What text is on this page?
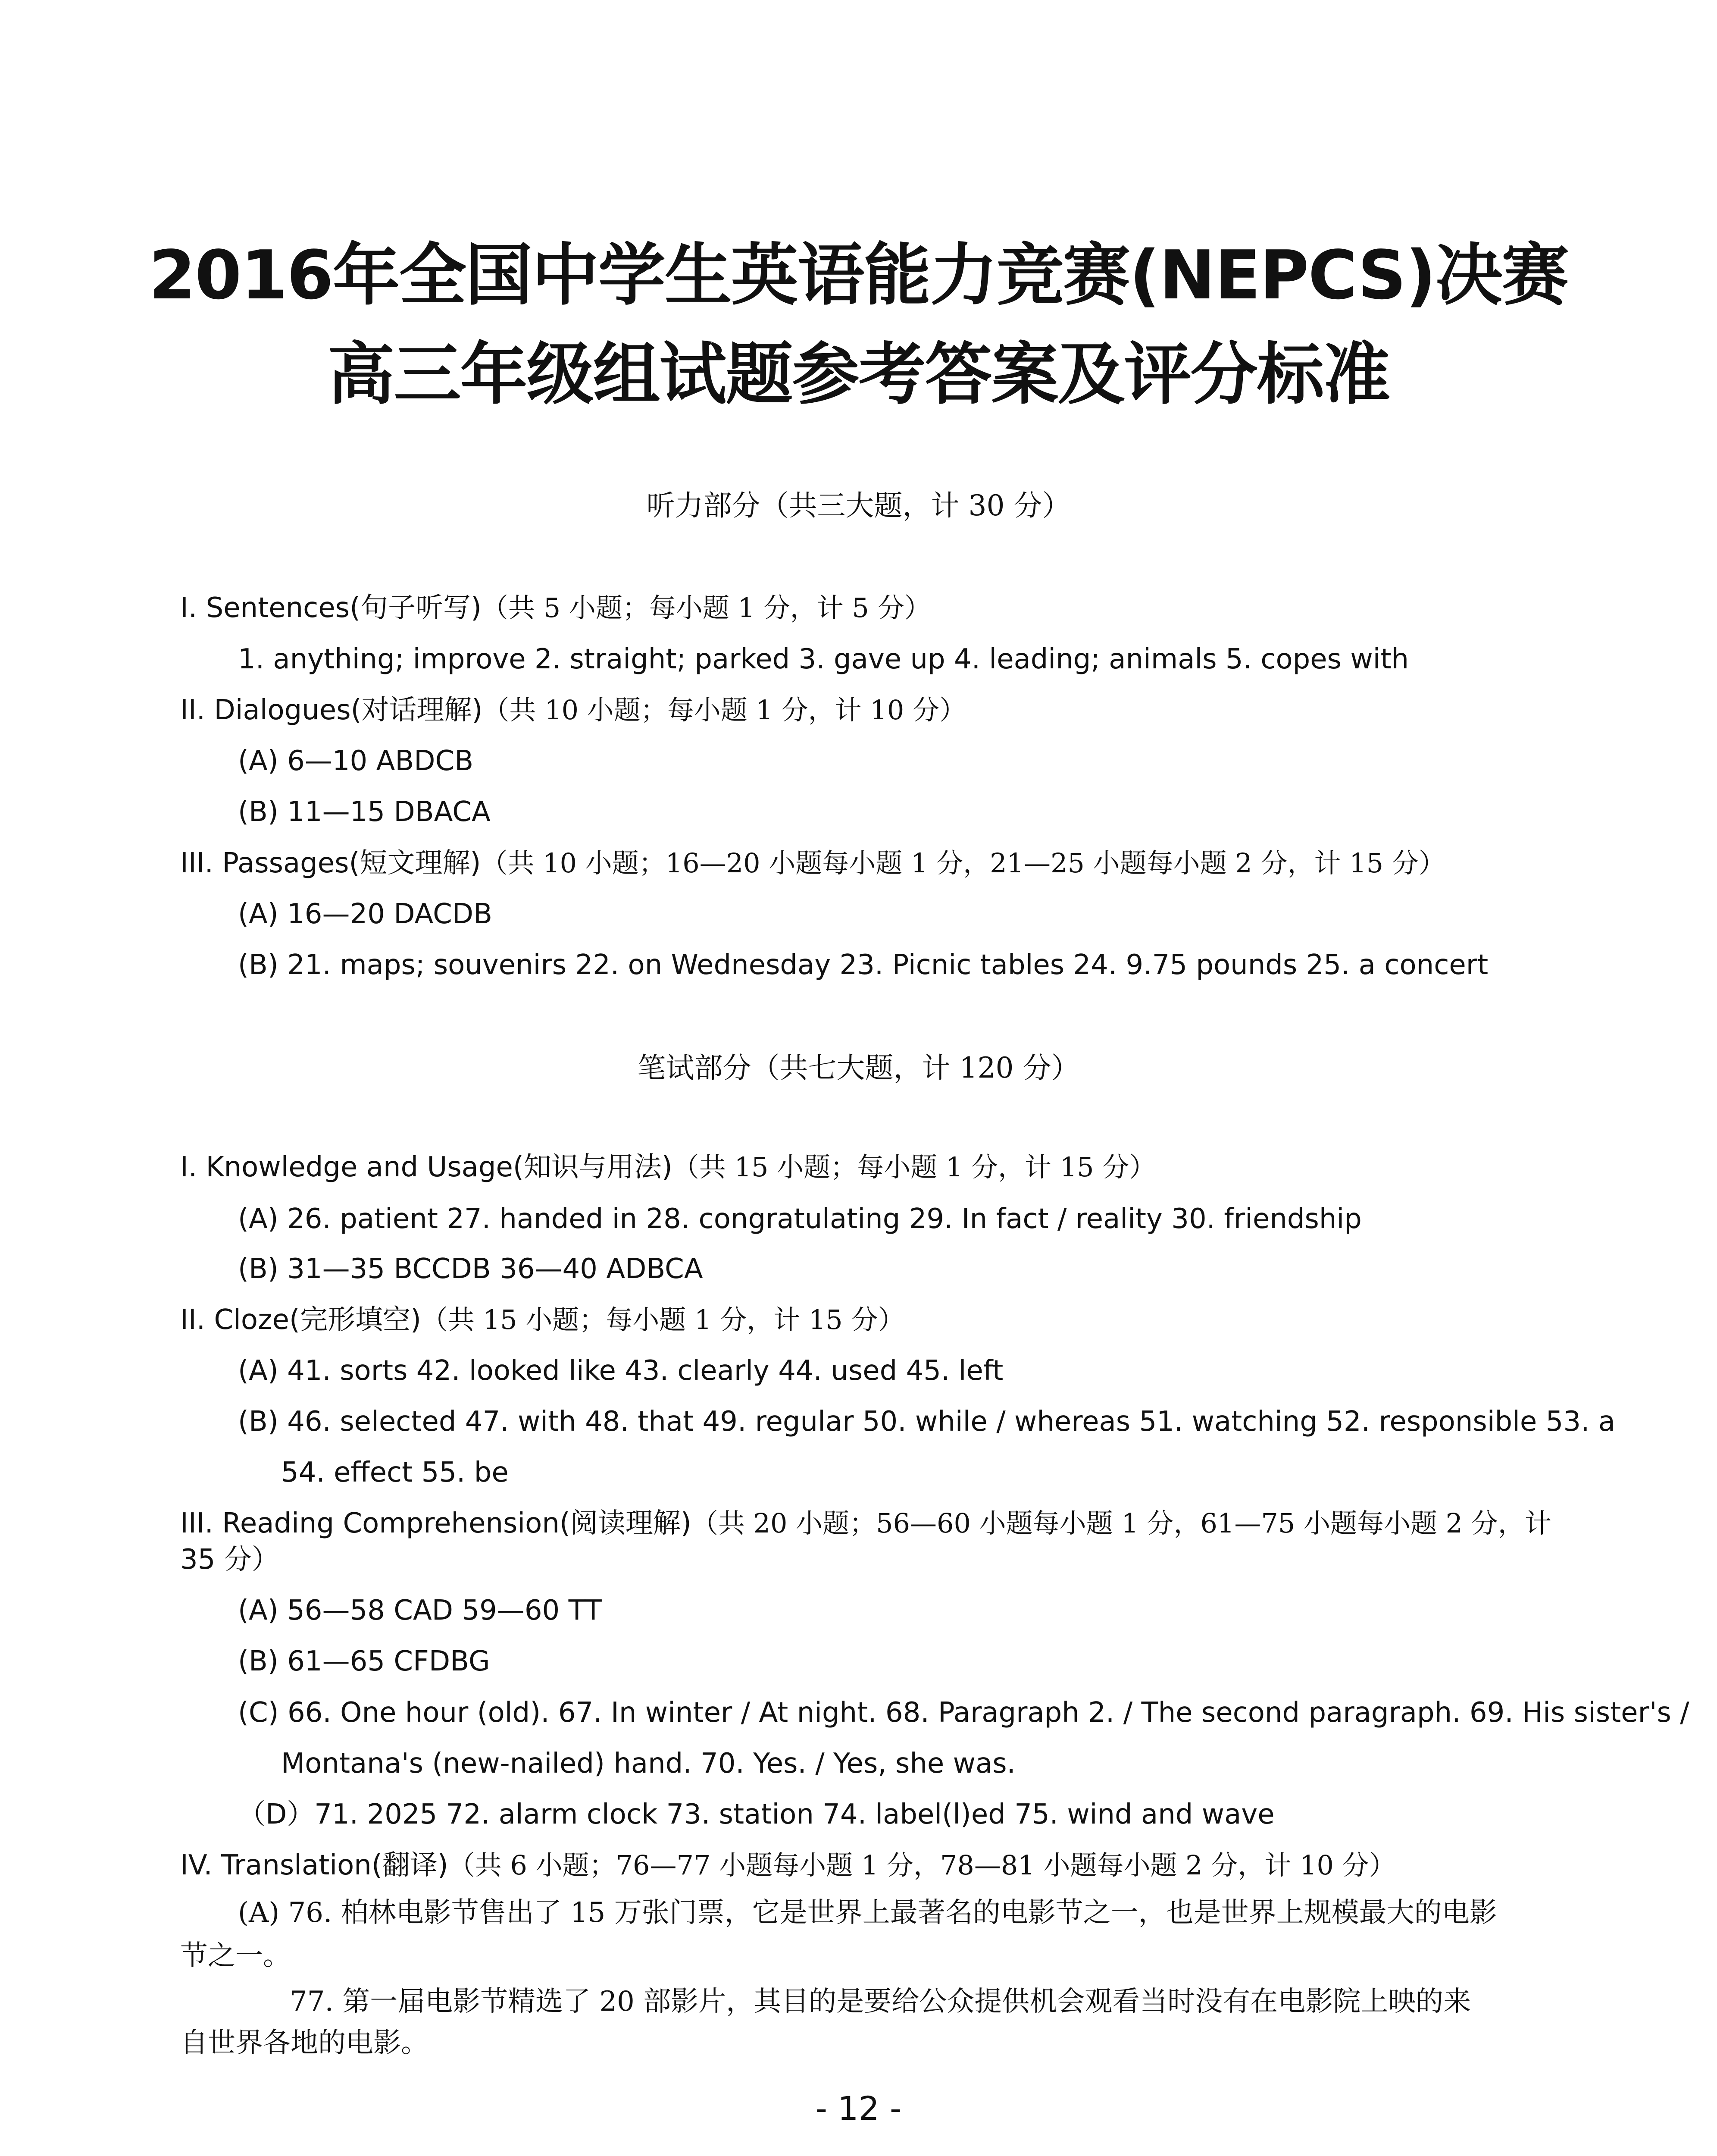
2016年全国中学生英语能力竞赛(NEPCS)决赛
高三年级组试题参考答案及评分标准
听力部分（共三大题，计 30 分）
I. Sentences(句子听写)（共 5 小题；每小题 1 分，计 5 分）
1. anything; improve 2. straight; parked 3. gave up 4. leading; animals 5. copes with
II. Dialogues(对话理解)（共 10 小题；每小题 1 分，计 10 分）
(A) 6—10 ABDCB
(B) 11—15 DBACA
III. Passages(短文理解)（共 10 小题；16—20 小题每小题 1 分，21—25 小题每小题 2 分，计 15 分）
(A) 16—20 DACDB
(B) 21. maps; souvenirs 22. on Wednesday 23. Picnic tables 24. 9.75 pounds 25. a concert
笔试部分（共七大题，计 120 分）
I. Knowledge and Usage(知识与用法)（共 15 小题；每小题 1 分，计 15 分）
(A) 26. patient 27. handed in 28. congratulating 29. In fact / reality 30. friendship
(B) 31—35 BCCDB 36—40 ADBCA
II. Cloze(完形填空)（共 15 小题；每小题 1 分，计 15 分）
(A) 41. sorts 42. looked like 43. clearly 44. used 45. left
(B) 46. selected 47. with 48. that 49. regular 50. while / whereas 51. watching 52. responsible 53. a
54. effect 55. be
III. Reading Comprehension(阅读理解)（共 20 小题；56—60 小题每小题 1 分，61—75 小题每小题 2 分，计
35 分）
(A) 56—58 CAD 59—60 TT
(B) 61—65 CFDBG
(C) 66. One hour (old). 67. In winter / At night. 68. Paragraph 2. / The second paragraph. 69. His sister's /
Montana's (new-nailed) hand. 70. Yes. / Yes, she was.
（D）71. 2025 72. alarm clock 73. station 74. label(l)ed 75. wind and wave
IV. Translation(翻译)（共 6 小题；76—77 小题每小题 1 分，78—81 小题每小题 2 分，计 10 分）
(A) 76. 柏林电影节售出了 15 万张门票，它是世界上最著名的电影节之一，也是世界上规模最大的电影
节之一。
77. 第一届电影节精选了 20 部影片，其目的是要给公众提供机会观看当时没有在电影院上映的来
自世界各地的电影。
- 12 -
